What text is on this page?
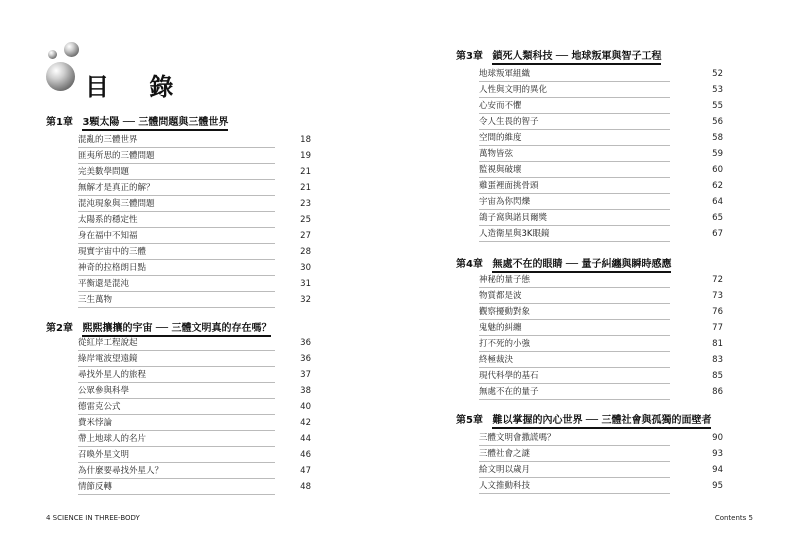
目 錄
第1章 3顆太陽 ── 三體問題與三體世界
混亂的三體世界	18
匪夷所思的三體問題	19
完美數學問題	21
無解才是真正的解？	21
混沌現象與三體問題	23
太陽系的穩定性	25
身在福中不知福	27
現實宇宙中的三體	28
神奇的拉格朗日點	30
平衡還是混沌	31
三生萬物	32
第2章 熙熙攘攘的宇宙 ── 三體文明真的存在嗎？
從紅岸工程說起	36
綠岸電波望遠鏡	36
尋找外星人的旅程	37
公眾參與科學	38
德雷克公式	40
費米悖論	42
帶上地球人的名片	44
召喚外星文明	46
為什麼要尋找外星人？	47
情節反轉	48
4 SCIENCE IN THREE-BODY
第3章 鎖死人類科技 ── 地球叛軍與智子工程
地球叛軍組織	52
人性與文明的異化	53
心安而不懼	55
令人生畏的智子	56
空間的維度	58
萬物皆弦	59
監視與破壞	60
雞蛋裡面挑骨頭	62
宇宙為你閃爍	64
鴿子窩與諾貝爾獎	65
人造衛星與3K眼鏡	67
第4章 無處不在的眼睛 ── 量子糾纏與瞬時感應
神秘的量子態	72
物質都是波	73
觀察擾動對象	76
鬼魅的糾纏	77
打不死的小強	81
終極裁決	83
現代科學的基石	85
無處不在的量子	86
第5章 難以掌握的內心世界 ── 三體社會與孤獨的面壁者
三體文明會撒謊嗎？	90
三體社會之謎	93
給文明以歲月	94
人文推動科技	95
Contents 5
